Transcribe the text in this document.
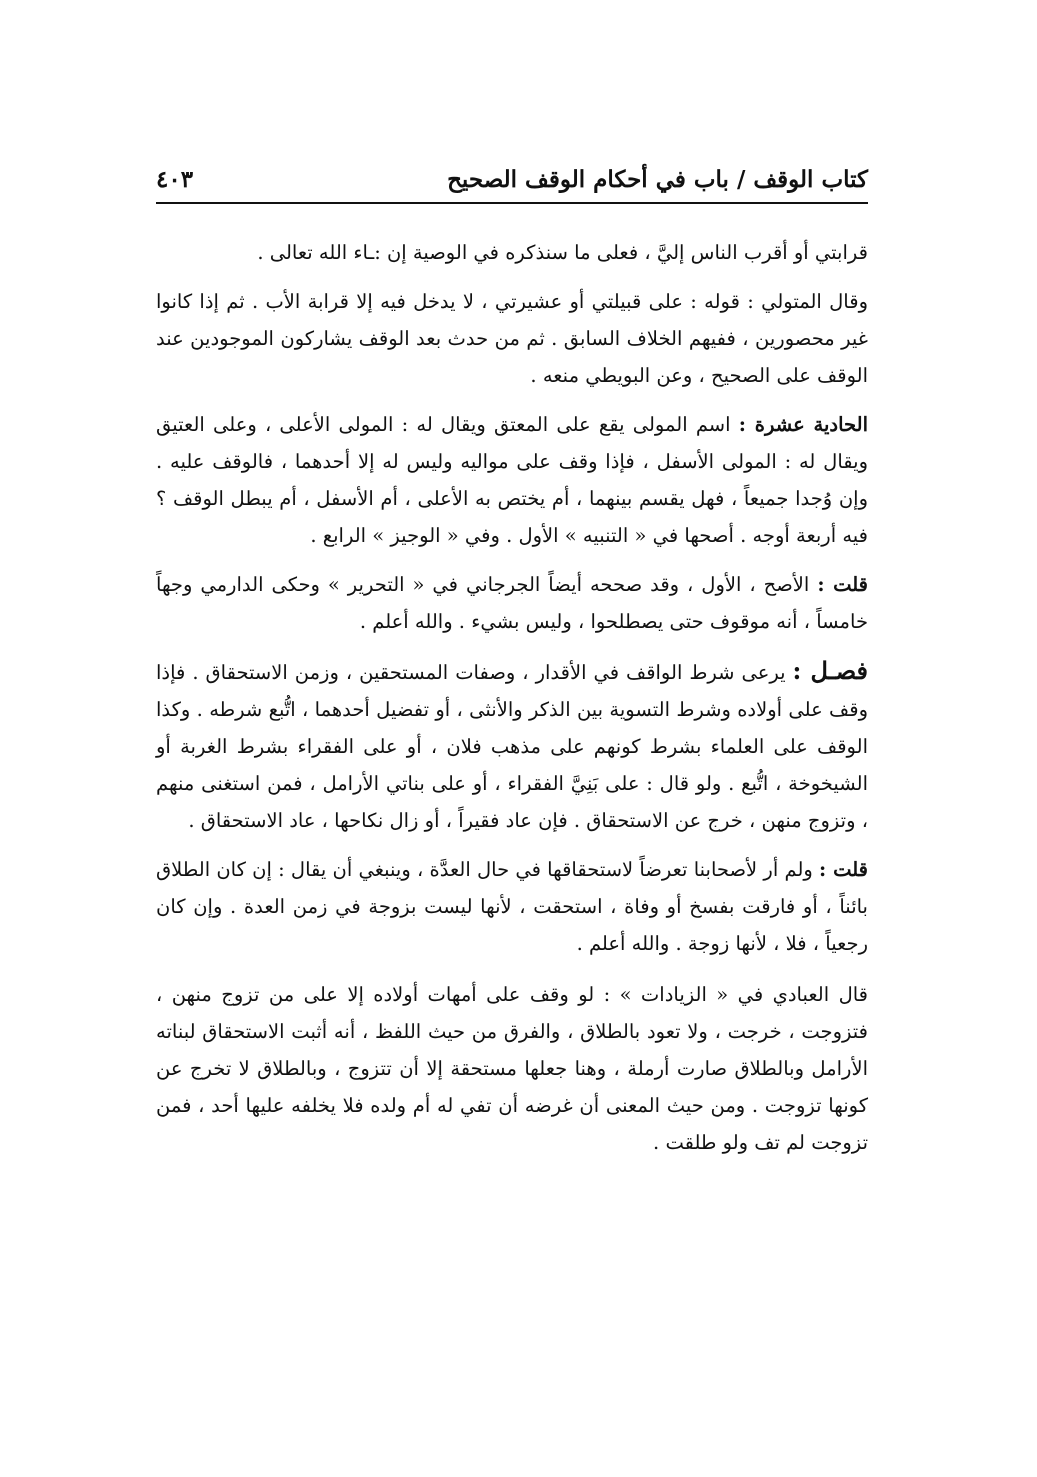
كتاب الوقف / باب في أحكام الوقف الصحيح
٤٠٣

قرابتي أو أقرب الناس إليَّ ، فعلى ما سنذكره في الوصية إن :ـاء الله تعالى .

وقال المتولي : قوله : على قبيلتي أو عشيرتي ، لا يدخل فيه إلا قرابة الأب . ثم إذا كانوا غير محصورين ، ففيهم الخلاف السابق . ثم من حدث بعد الوقف يشاركون الموجودين عند الوقف على الصحيح ، وعن البويطي منعه .

الحادية عشرة : اسم المولى يقع على المعتق ويقال له : المولى الأعلى ، وعلى العتيق ويقال له : المولى الأسفل ، فإذا وقف على مواليه وليس له إلا أحدهما ، فالوقف عليه . وإن وُجدا جميعاً ، فهل يقسم بينهما ، أم يختص به الأعلى ، أم الأسفل ، أم يبطل الوقف ؟ فيه أربعة أوجه . أصحها في « التنبيه » الأول . وفي « الوجيز » الرابع .

قلت : الأصح ، الأول ، وقد صححه أيضاً الجرجاني في « التحرير » وحكى الدارمي وجهاً خامساً ، أنه موقوف حتى يصطلحوا ، وليس بشيء . والله أعلم .

فصـل : يرعى شرط الواقف في الأقدار ، وصفات المستحقين ، وزمن الاستحقاق . فإذا وقف على أولاده وشرط التسوية بين الذكر والأنثى ، أو تفضيل أحدهما ، اتُّبع شرطه . وكذا الوقف على العلماء بشرط كونهم على مذهب فلان ، أو على الفقراء بشرط الغربة أو الشيخوخة ، اتُّبع . ولو قال : على بَنِيَّ الفقراء ، أو على بناتي الأرامل ، فمن استغنى منهم ، وتزوج منهن ، خرج عن الاستحقاق . فإن عاد فقيراً ، أو زال نكاحها ، عاد الاستحقاق .

قلت : ولم أر لأصحابنا تعرضاً لاستحقاقها في حال العدَّة ، وينبغي أن يقال : إن كان الطلاق بائناً ، أو فارقت بفسخ أو وفاة ، استحقت ، لأنها ليست بزوجة في زمن العدة . وإن كان رجعياً ، فلا ، لأنها زوجة . والله أعلم .

قال العبادي في « الزيادات » : لو وقف على أمهات أولاده إلا على من تزوج منهن ، فتزوجت ، خرجت ، ولا تعود بالطلاق ، والفرق من حيث اللفظ ، أنه أثبت الاستحقاق لبناته الأرامل وبالطلاق صارت أرملة ، وهنا جعلها مستحقة إلا أن تتزوج ، وبالطلاق لا تخرج عن كونها تزوجت . ومن حيث المعنى أن غرضه أن تفي له أم ولده فلا يخلفه عليها أحد ، فمن تزوجت لم تف ولو طلقت .
